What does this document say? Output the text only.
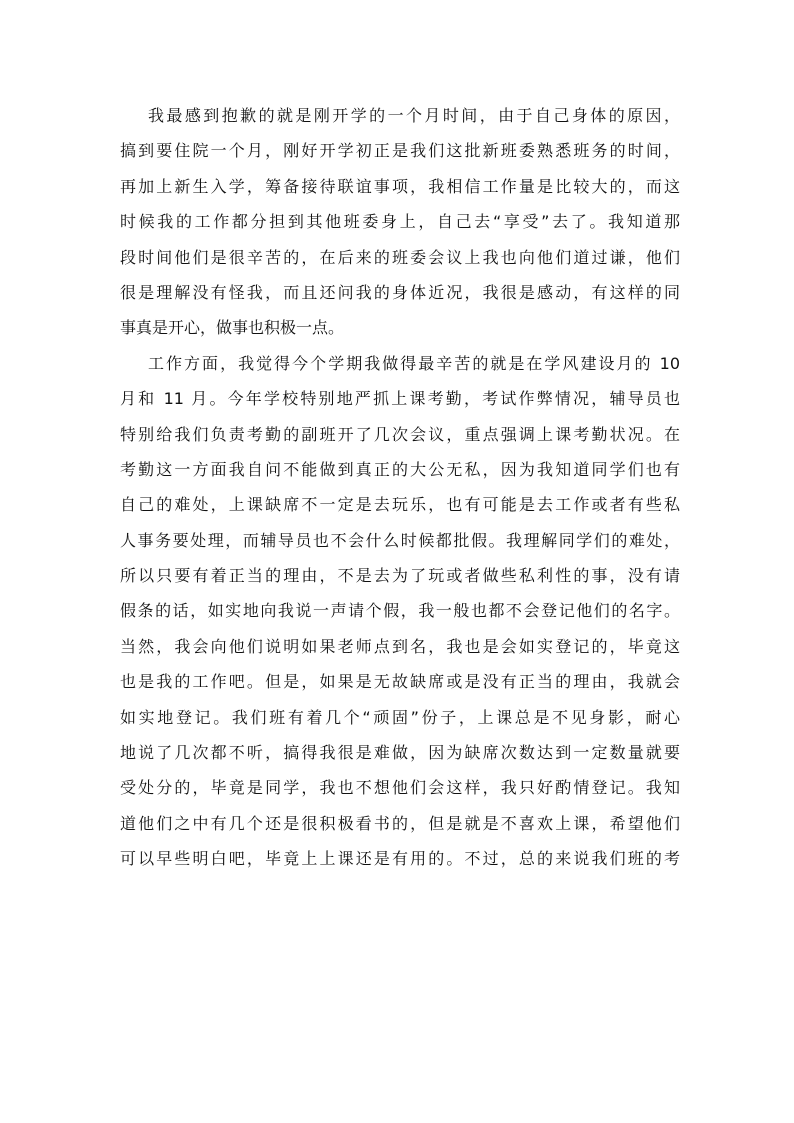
我最感到抱歉的就是刚开学的一个月时间，由于自己身体的原因，
搞到要住院一个月，刚好开学初正是我们这批新班委熟悉班务的时间，
再加上新生入学，筹备接待联谊事项，我相信工作量是比较大的，而这
时候我的工作都分担到其他班委身上，自己去“享受”去了。我知道那
段时间他们是很辛苦的，在后来的班委会议上我也向他们道过谦，他们
很是理解没有怪我，而且还问我的身体近况，我很是感动，有这样的同
事真是开心，做事也积极一点。
工作方面，我觉得今个学期我做得最辛苦的就是在学风建设月的 10
月和 11 月。今年学校特别地严抓上课考勤，考试作弊情况，辅导员也
特别给我们负责考勤的副班开了几次会议，重点强调上课考勤状况。在
考勤这一方面我自问不能做到真正的大公无私，因为我知道同学们也有
自己的难处，上课缺席不一定是去玩乐，也有可能是去工作或者有些私
人事务要处理，而辅导员也不会什么时候都批假。我理解同学们的难处，
所以只要有着正当的理由，不是去为了玩或者做些私利性的事，没有请
假条的话，如实地向我说一声请个假，我一般也都不会登记他们的名字。
当然，我会向他们说明如果老师点到名，我也是会如实登记的，毕竟这
也是我的工作吧。但是，如果是无故缺席或是没有正当的理由，我就会
如实地登记。我们班有着几个“顽固”份子，上课总是不见身影，耐心
地说了几次都不听，搞得我很是难做，因为缺席次数达到一定数量就要
受处分的，毕竟是同学，我也不想他们会这样，我只好酌情登记。我知
道他们之中有几个还是很积极看书的，但是就是不喜欢上课，希望他们
可以早些明白吧，毕竟上上课还是有用的。不过，总的来说我们班的考
